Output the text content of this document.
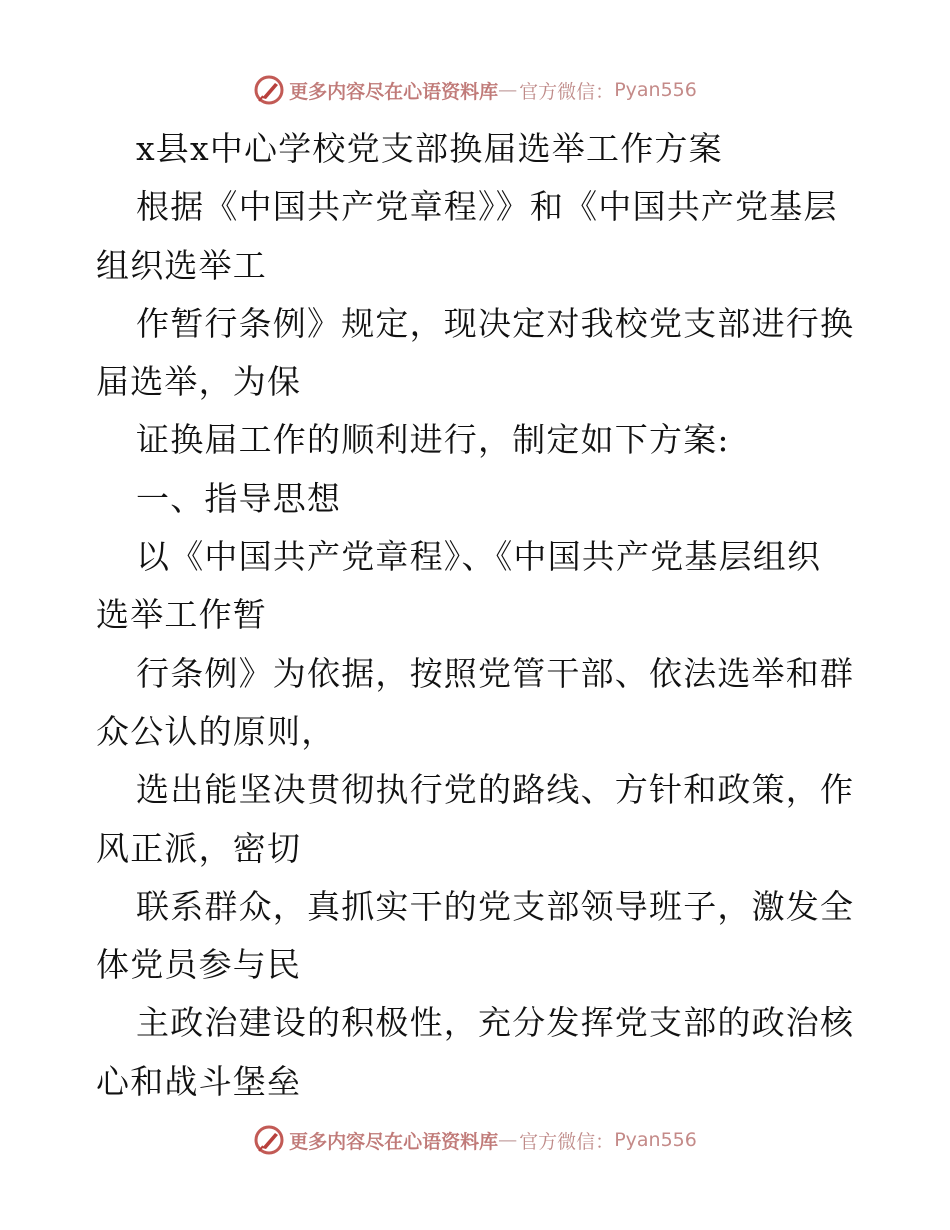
更多内容尽在心语资料库 — 官方微信： Pyan556
x县x中心学校党支部换届选举工作方案
根据《中国共产党章程》》和《中国共产党基层
组织选举工
作暂行条例》规定，现决定对我校党支部进行换
届选举，为保
证换届工作的顺利进行，制定如下方案:
一、指导思想
以《中国共产党章程》、《中国共产党基层组织
选举工作暂
行条例》为依据，按照党管干部、依法选举和群
众公认的原则，
选出能坚决贯彻执行党的路线、方针和政策，作
风正派，密切
联系群众，真抓实干的党支部领导班子，激发全
体党员参与民
主政治建设的积极性，充分发挥党支部的政治核
心和战斗堡垒
更多内容尽在心语资料库 — 官方微信： Pyan556
